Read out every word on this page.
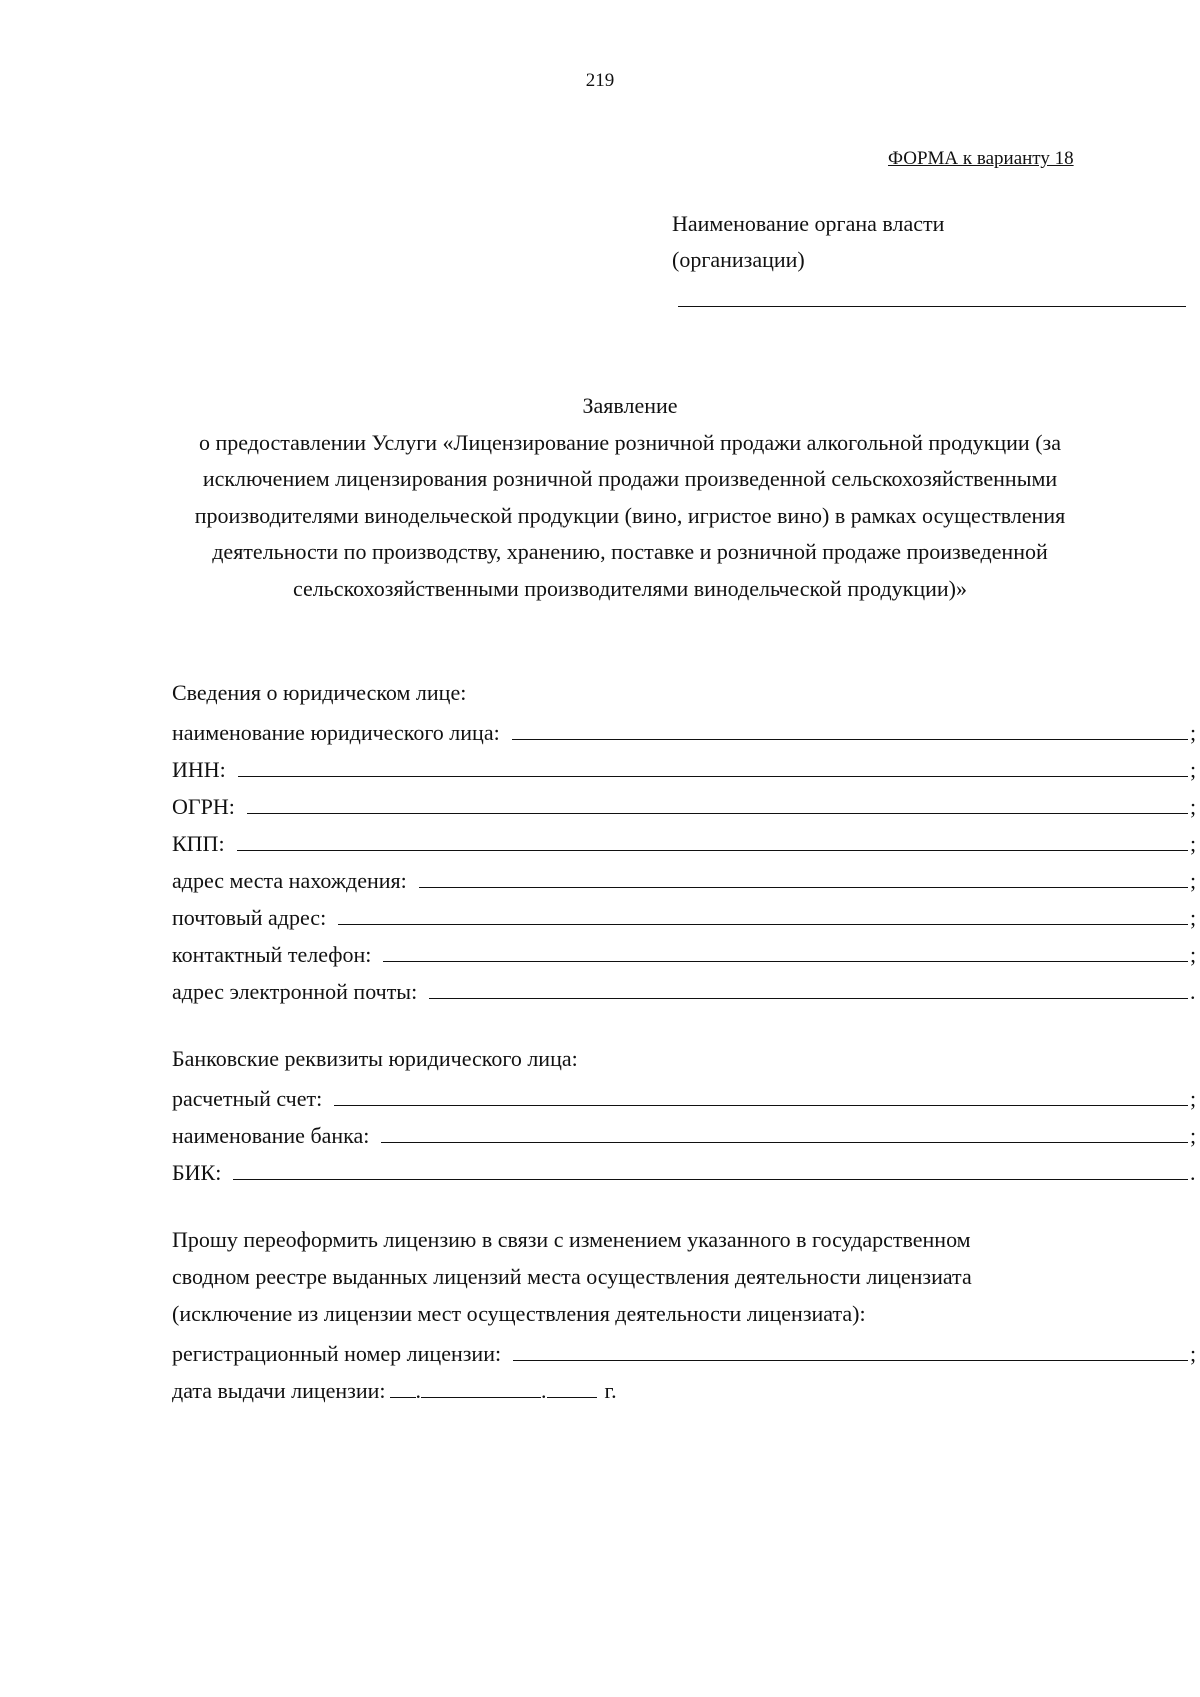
219
ФОРМА к варианту 18
Наименование органа власти
(организации)
Заявление
о предоставлении Услуги «Лицензирование розничной продажи алкогольной продукции (за исключением лицензирования розничной продажи произведенной сельскохозяйственными производителями винодельческой продукции (вино, игристое вино) в рамках осуществления деятельности по производству, хранению, поставке и розничной продаже произведенной сельскохозяйственными производителями винодельческой продукции)»
Сведения о юридическом лице:
наименование юридического лица:	;
ИНН:	;
ОГРН:	;
КПП:	;
адрес места нахождения:	;
почтовый адрес:	;
контактный телефон:	;
адрес электронной почты:	.
Банковские реквизиты юридического лица:
расчетный счет:	;
наименование банка:	;
БИК:	.
Прошу переоформить лицензию в связи с изменением указанного в государственном
сводном реестре выданных лицензий места осуществления деятельности лицензиата
(исключение из лицензии мест осуществления деятельности лицензиата):
регистрационный номер лицензии:	;
дата выдачи лицензии: .	.	г.
